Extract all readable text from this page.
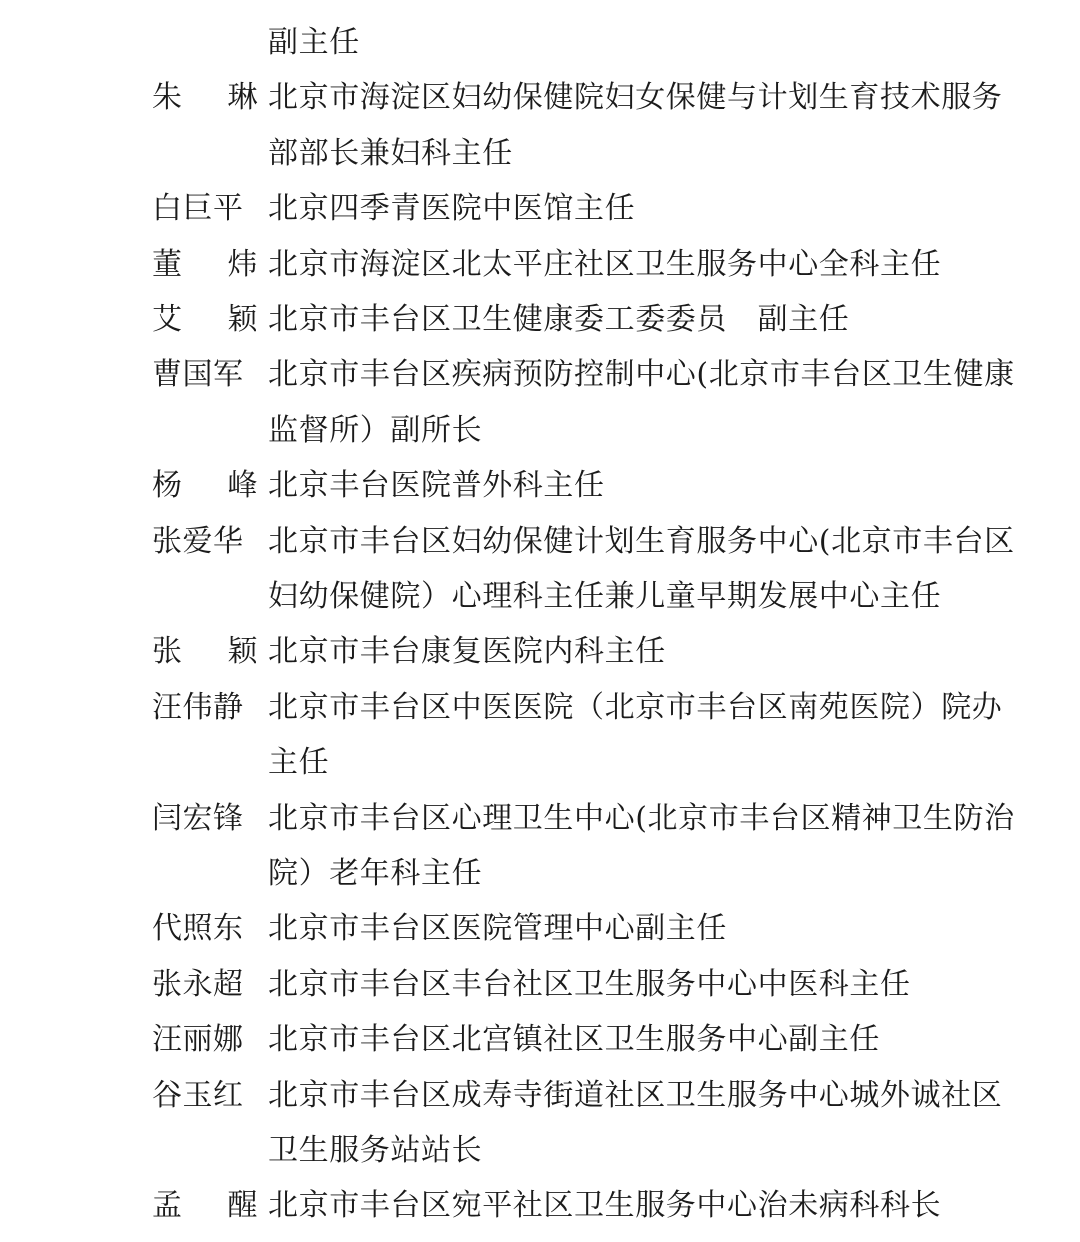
副主任
朱 琳 北京市海淀区妇幼保健院妇女保健与计划生育技术服务
部部长兼妇科主任
白巨平 北京四季青医院中医馆主任
董 炜 北京市海淀区北太平庄社区卫生服务中心全科主任
艾 颖 北京市丰台区卫生健康委工委委员　副主任
曹国军 北京市丰台区疾病预防控制中心(北京市丰台区卫生健康
监督所）副所长
杨 峰 北京丰台医院普外科主任
张爱华 北京市丰台区妇幼保健计划生育服务中心(北京市丰台区
妇幼保健院）心理科主任兼儿童早期发展中心主任
张 颖 北京市丰台康复医院内科主任
汪伟静 北京市丰台区中医医院（北京市丰台区南苑医院）院办
主任
闫宏锋 北京市丰台区心理卫生中心(北京市丰台区精神卫生防治
院）老年科主任
代照东 北京市丰台区医院管理中心副主任
张永超 北京市丰台区丰台社区卫生服务中心中医科主任
汪丽娜 北京市丰台区北宫镇社区卫生服务中心副主任
谷玉红 北京市丰台区成寿寺街道社区卫生服务中心城外诚社区
卫生服务站站长
孟 醒 北京市丰台区宛平社区卫生服务中心治未病科科长
